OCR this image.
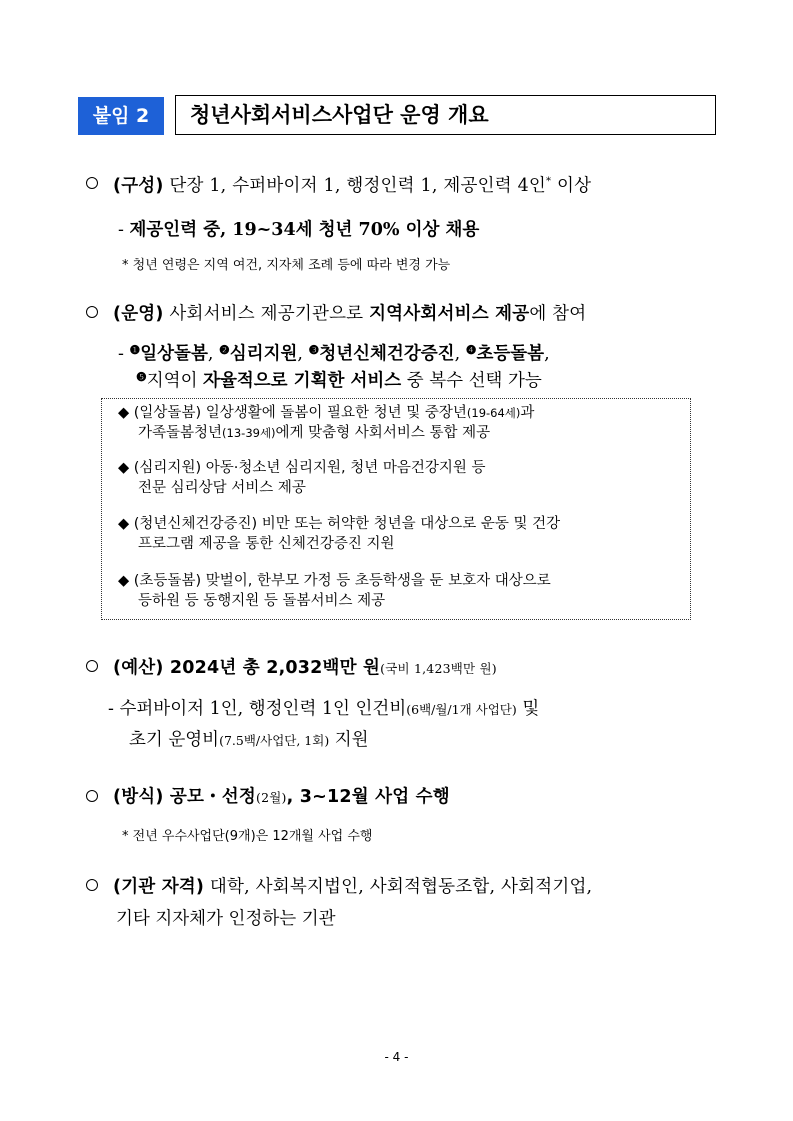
붙임 2	청년사회서비스사업단 운영 개요
(구성) 단장 1, 수퍼바이저 1, 행정인력 1, 제공인력 4인* 이상
- 제공인력 중, 19~34세 청년 70% 이상 채용
* 청년 연령은 지역 여건, 지자체 조례 등에 따라 변경 가능
(운영) 사회서비스 제공기관으로 지역사회서비스 제공에 참여
- $^❶$일상돌봄, $^❷$심리지원, $^❸$청년신체건강증진, $^❹$초등돌봄,
$^❺$지역이 자율적으로 기획한 서비스 중 복수 선택 가능
◆ (일상돌봄) 일상생활에 돌봄이 필요한 청년 및 중장년(19-64세)과
가족돌봄청년(13-39세)에게 맞춤형 사회서비스 통합 제공
◆ (심리지원) 아동·청소년 심리지원, 청년 마음건강지원 등
전문 심리상담 서비스 제공
◆ (청년신체건강증진) 비만 또는 허약한 청년을 대상으로 운동 및 건강
프로그램 제공을 통한 신체건강증진 지원
◆ (초등돌봄) 맞벌이, 한부모 가정 등 초등학생을 둔 보호자 대상으로
등하원 등 동행지원 등 돌봄서비스 제공
(예산) 2024년 총 2,032백만 원(국비 1,423백만 원)
- 수퍼바이저 1인, 행정인력 1인 인건비(6백/월/1개 사업단) 및
초기 운영비(7.5백/사업단, 1회) 지원
(방식) 공모・선정(2월), 3~12월 사업 수행
* 전년 우수사업단(9개)은 12개월 사업 수행
(기관 자격) 대학, 사회복지법인, 사회적협동조합, 사회적기업,
기타 지자체가 인정하는 기관
- 4 -
